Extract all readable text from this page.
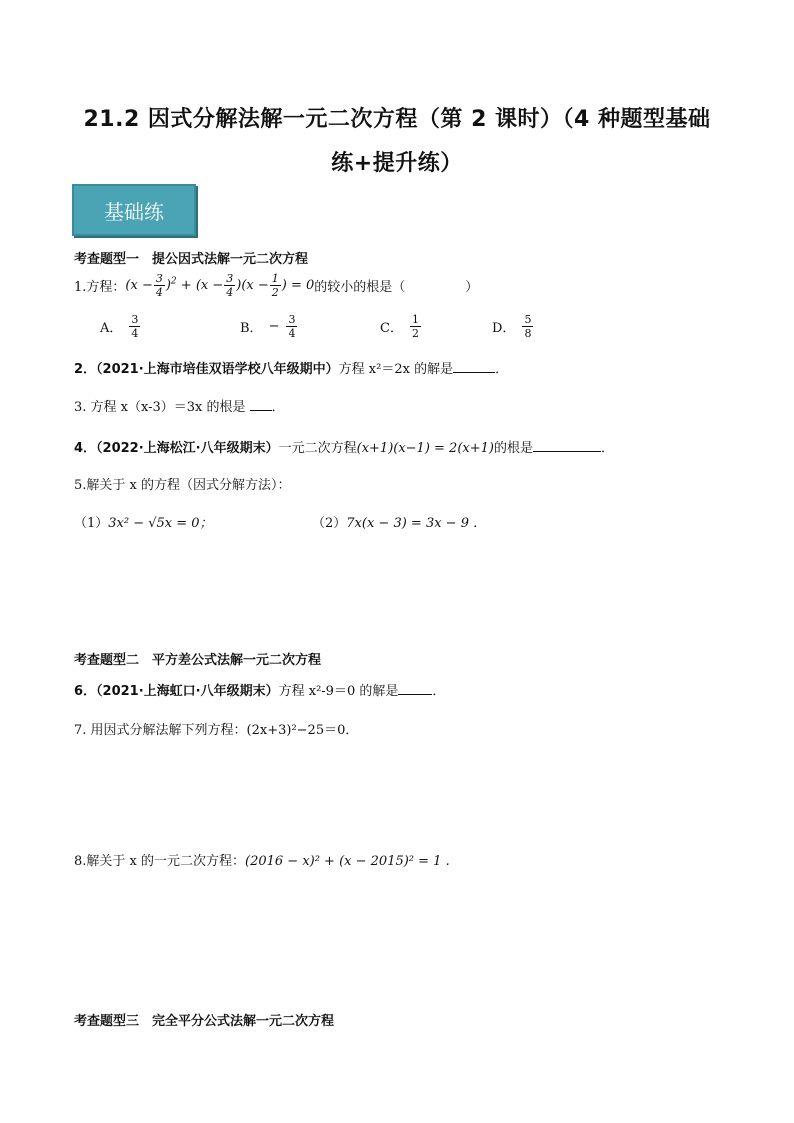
21.2 因式分解法解一元二次方程（第 2 课时）（4 种题型基础
练+提升练）
基础练
考查题型一　提公因式法解一元二次方程
1.方程： $(x - \frac{3}{4} )^2 + (x - \frac{3}{4} )(x - \frac{1}{2}$ ) = 0 的较小的根是（	）
A． $\frac{3}{4}$	B． − $\frac{3}{4}$	C． $\frac{1}{2}$	D． $\frac{5}{8}$
2．（2021·上海市培佳双语学校八年级期中）方程 x²＝2x 的解是	．
3. 方程 x（x-3）＝3x 的根是 ．
4．（2022·上海松江·八年级期末）一元二次方程(x+1)(x−1) = 2(x+1)的根是	．
5.解关于 x 的方程（因式分解方法）：
（1）3x² − √5x = 0；	（2）7x(x − 3) = 3x − 9 ．
考查题型二　平方差公式法解一元二次方程
6．（2021·上海虹口·八年级期末）方程 x²-9＝0 的解是	．
7. 用因式分解法解下列方程：(2x+3)²−25＝0．
8.解关于 x 的一元二次方程：(2016 − x)² + (x − 2015)² = 1 .
考查题型三　完全平分公式法解一元二次方程
